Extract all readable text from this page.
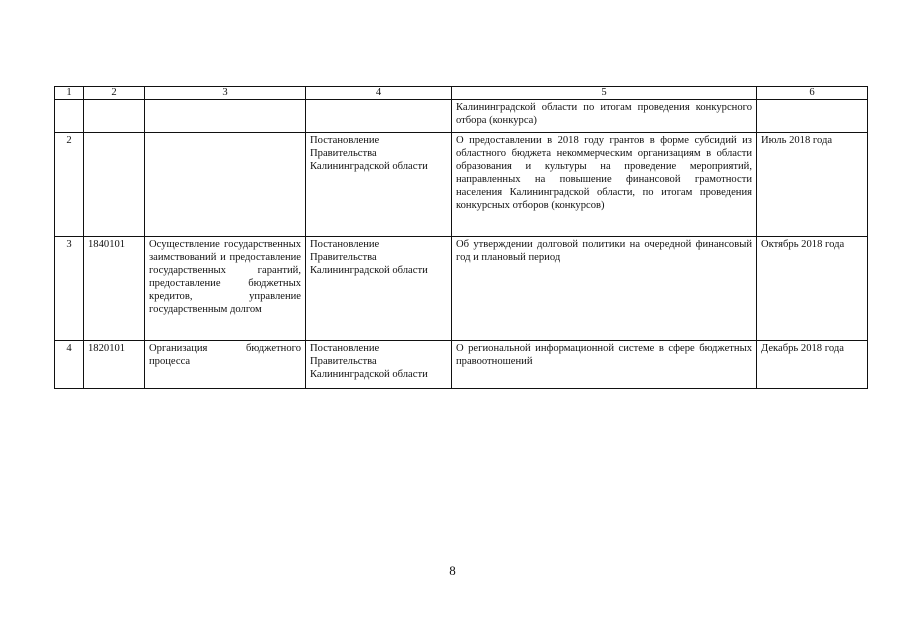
1	2	3	4	5	6
				Калининградской области по итогам проведения конкурсного отбора (конкурса)	
2			Постановление Правительства Калининградской области	О предоставлении в 2018 году грантов в форме субсидий из областного бюджета некоммерческим организациям в области образования и культуры на проведение мероприятий, направленных на повышение финансовой грамотности населения Калининградской области, по итогам проведения конкурсных отборов (конкурсов)	Июль 2018 года
3	1840101	Осуществление государственных заимствований и предоставление государственных гарантий, предоставление бюджетных кредитов, управление государственным долгом	Постановление Правительства Калининградской области	Об утверждении долговой политики на очередной финансовый год и плановый период	Октябрь 2018 года
4	1820101	Организация бюджетного процесса	Постановление Правительства Калининградской области	О региональной информационной системе в сфере бюджетных правоотношений	Декабрь 2018 года
8
